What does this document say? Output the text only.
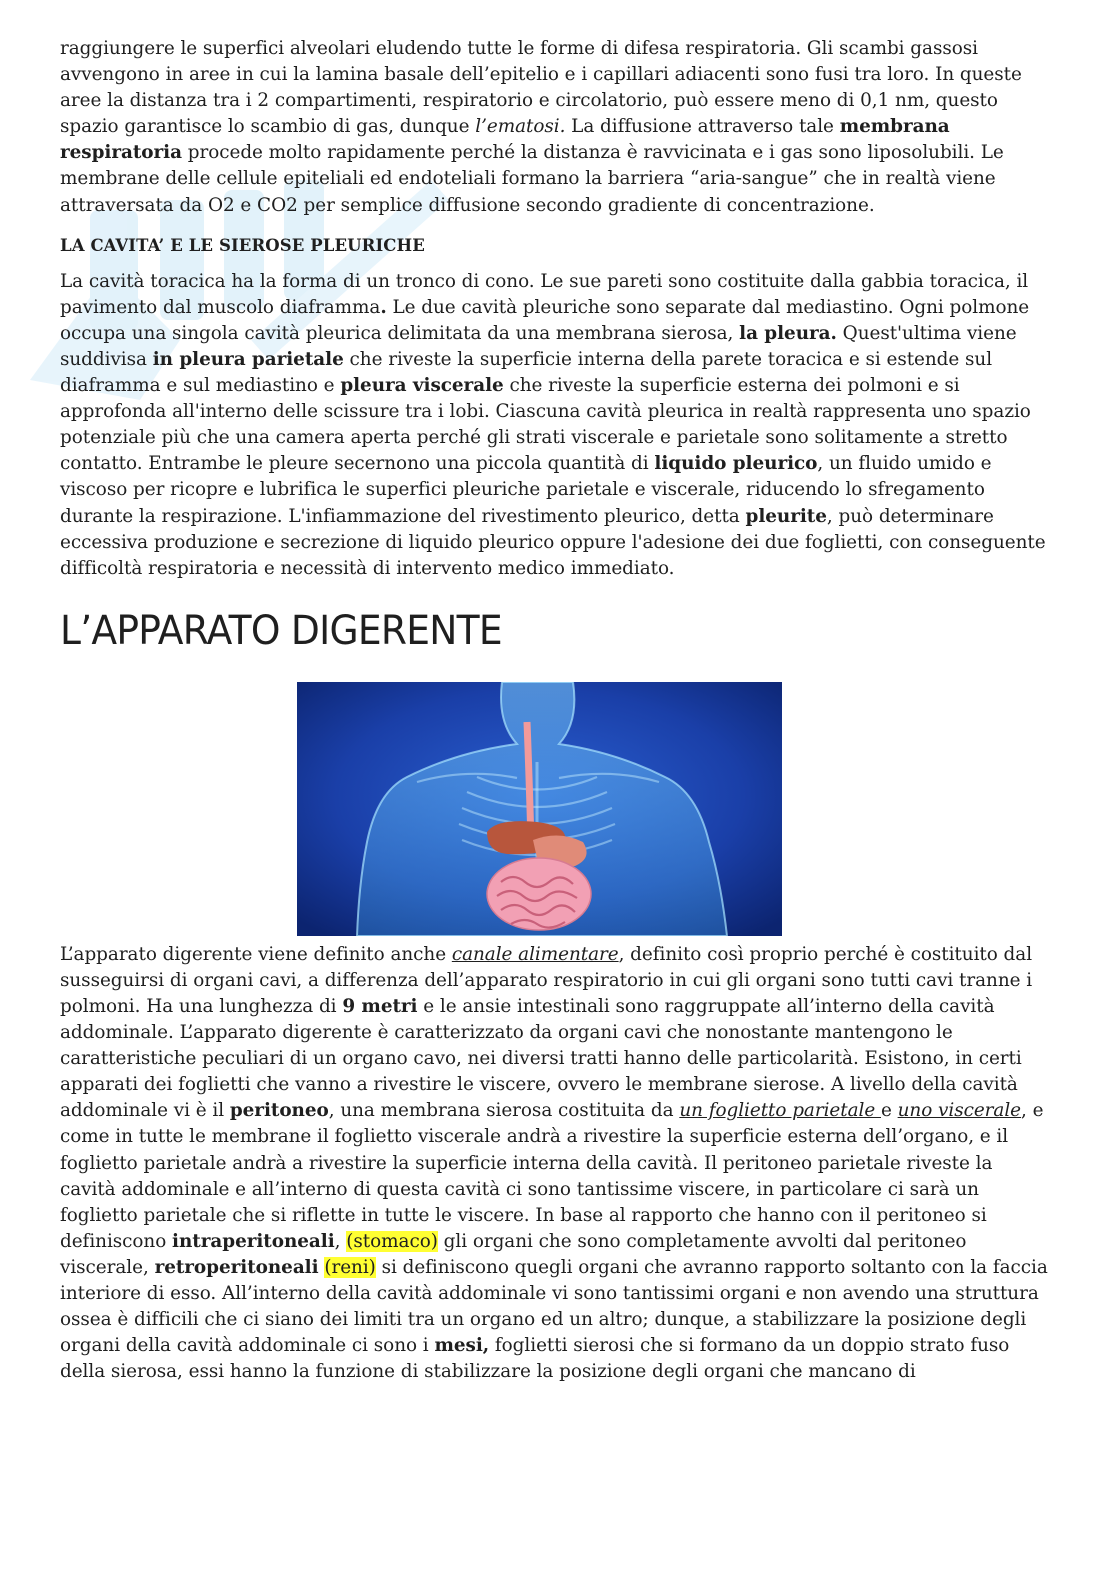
raggiungere le superfici alveolari eludendo tutte le forme di difesa respiratoria. Gli scambi gassosi avvengono in aree in cui la lamina basale dell’epitelio e i capillari adiacenti sono fusi tra loro. In queste aree la distanza tra i 2 compartimenti, respiratorio e circolatorio, può essere meno di 0,1 nm, questo spazio garantisce lo scambio di gas, dunque l’ematosi. La diffusione attraverso tale membrana respiratoria procede molto rapidamente perché la distanza è ravvicinata e i gas sono liposolubili. Le membrane delle cellule epiteliali ed endoteliali formano la barriera “aria-sangue” che in realtà viene attraversata da O2 e CO2 per semplice diffusione secondo gradiente di concentrazione.

LA CAVITA’ E LE SIEROSE PLEURICHE

La cavità toracica ha la forma di un tronco di cono. Le sue pareti sono costituite dalla gabbia toracica, il pavimento dal muscolo diaframma. Le due cavità pleuriche sono separate dal mediastino. Ogni polmone occupa una singola cavità pleurica delimitata da una membrana sierosa, la pleura. Quest'ultima viene suddivisa in pleura parietale che riveste la superficie interna della parete toracica e si estende sul diaframma e sul mediastino e pleura viscerale che riveste la superficie esterna dei polmoni e si approfonda all'interno delle scissure tra i lobi. Ciascuna cavità pleurica in realtà rappresenta uno spazio potenziale più che una camera aperta perché gli strati viscerale e parietale sono solitamente a stretto contatto. Entrambe le pleure secernono una piccola quantità di liquido pleurico, un fluido umido e viscoso per ricopre e lubrifica le superfici pleuriche parietale e viscerale, riducendo lo sfregamento durante la respirazione. L'infiammazione del rivestimento pleurico, detta pleurite, può determinare eccessiva produzione e secrezione di liquido pleurico oppure l'adesione dei due foglietti, con conseguente difficoltà respiratoria e necessità di intervento medico immediato.

L’APPARATO DIGERENTE

L’apparato digerente viene definito anche canale alimentare, definito così proprio perché è costituito dal susseguirsi di organi cavi, a differenza dell’apparato respiratorio in cui gli organi sono tutti cavi tranne i polmoni. Ha una lunghezza di 9 metri e le ansie intestinali sono raggruppate all’interno della cavità addominale. L’apparato digerente è caratterizzato da organi cavi che nonostante mantengono le caratteristiche peculiari di un organo cavo, nei diversi tratti hanno delle particolarità. Esistono, in certi apparati dei foglietti che vanno a rivestire le viscere, ovvero le membrane sierose. A livello della cavità addominale vi è il peritoneo, una membrana sierosa costituita da un foglietto parietale e uno viscerale, e come in tutte le membrane il foglietto viscerale andrà a rivestire la superficie esterna dell’organo, e il foglietto parietale andrà a rivestire la superficie interna della cavità. Il peritoneo parietale riveste la cavità addominale e all’interno di questa cavità ci sono tantissime viscere, in particolare ci sarà un foglietto parietale che si riflette in tutte le viscere. In base al rapporto che hanno con il peritoneo si definiscono intraperitoneali, (stomaco) gli organi che sono completamente avvolti dal peritoneo viscerale, retroperitoneali (reni) si definiscono quegli organi che avranno rapporto soltanto con la faccia interiore di esso. All’interno della cavità addominale vi sono tantissimi organi e non avendo una struttura ossea è difficili che ci siano dei limiti tra un organo ed un altro; dunque, a stabilizzare la posizione degli organi della cavità addominale ci sono i mesi, foglietti sierosi che si formano da un doppio strato fuso della sierosa, essi hanno la funzione di stabilizzare la posizione degli organi che mancano di
